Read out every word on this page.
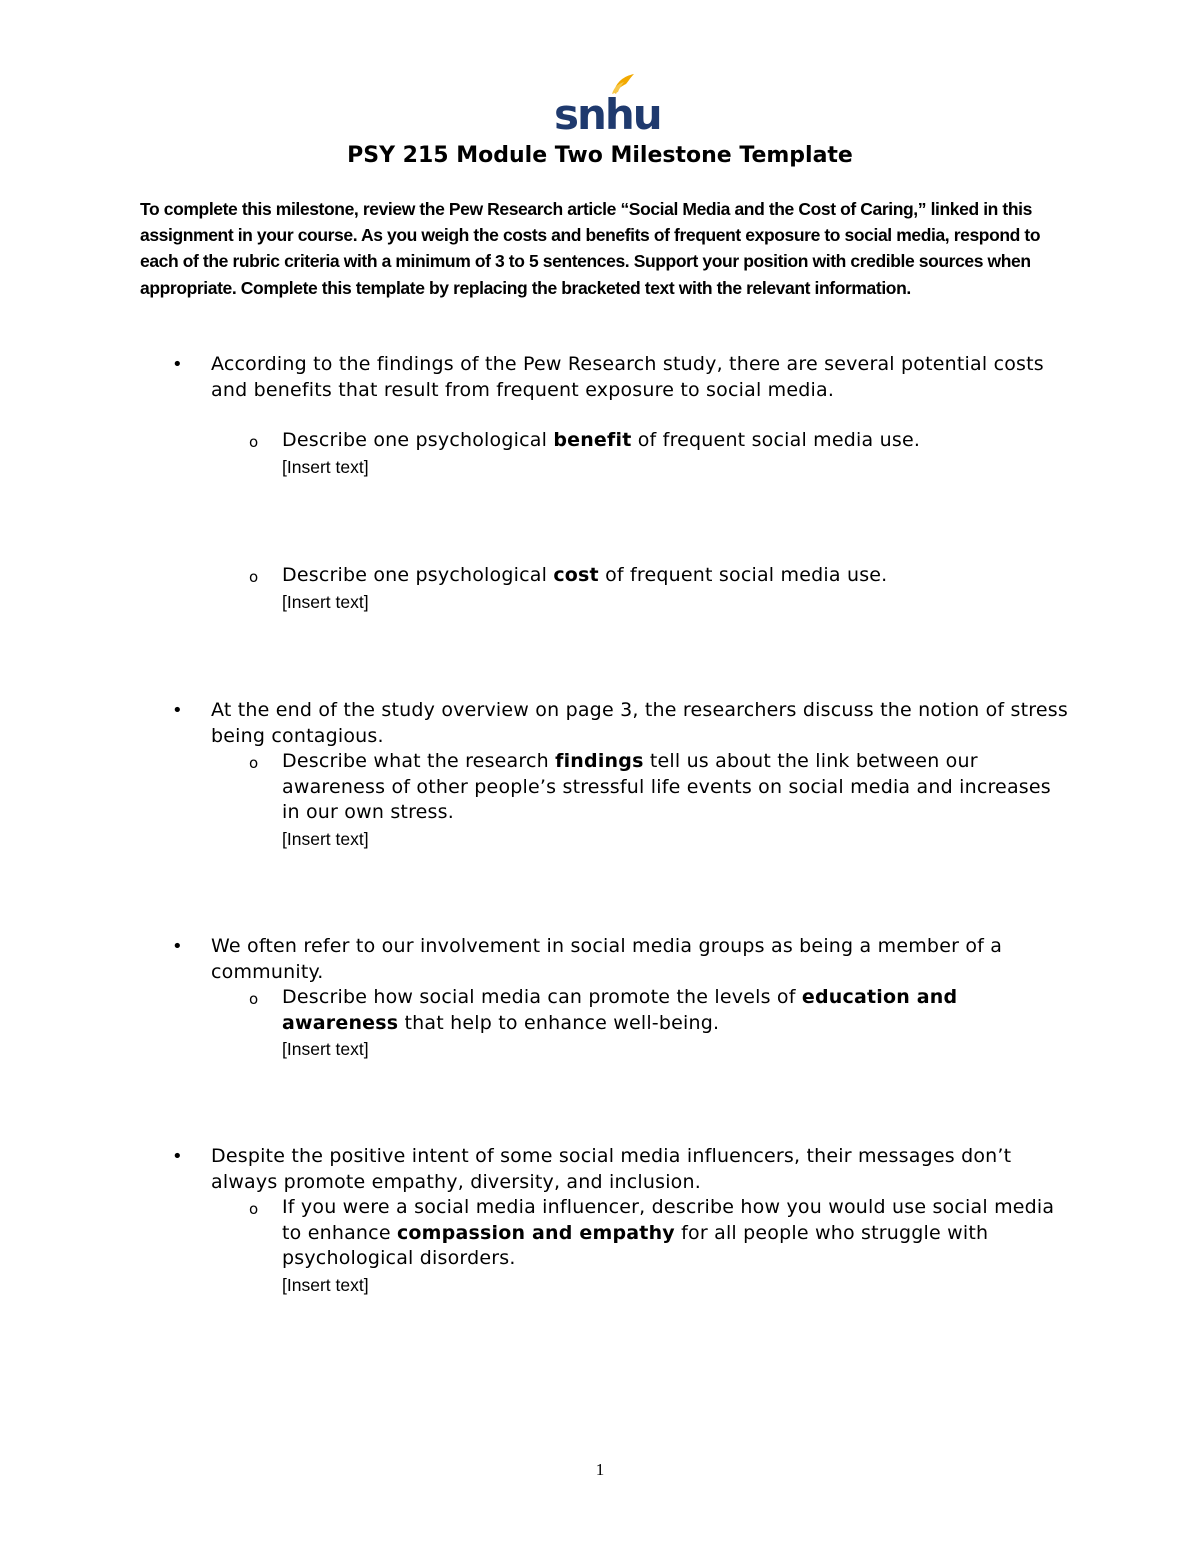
snhu
PSY 215 Module Two Milestone Template
To complete this milestone, review the Pew Research article “Social Media and the Cost of Caring,” linked in this assignment in your course. As you weigh the costs and benefits of frequent exposure to social media, respond to each of the rubric criteria with a minimum of 3 to 5 sentences. Support your position with credible sources when appropriate. Complete this template by replacing the bracketed text with the relevant information.
• According to the findings of the Pew Research study, there are several potential costs and benefits that result from frequent exposure to social media.

o Describe one psychological benefit of frequent social media use.
[Insert text]

o Describe one psychological cost of frequent social media use.
[Insert text]

• At the end of the study overview on page 3, the researchers discuss the notion of stress being contagious.

o Describe what the research findings tell us about the link between our awareness of other people’s stressful life events on social media and increases in our own stress.
[Insert text]

• We often refer to our involvement in social media groups as being a member of a community.

o Describe how social media can promote the levels of education and awareness that help to enhance well-being.
[Insert text]

• Despite the positive intent of some social media influencers, their messages don’t always promote empathy, diversity, and inclusion.

o If you were a social media influencer, describe how you would use social media to enhance compassion and empathy for all people who struggle with psychological disorders.
[Insert text]

1
